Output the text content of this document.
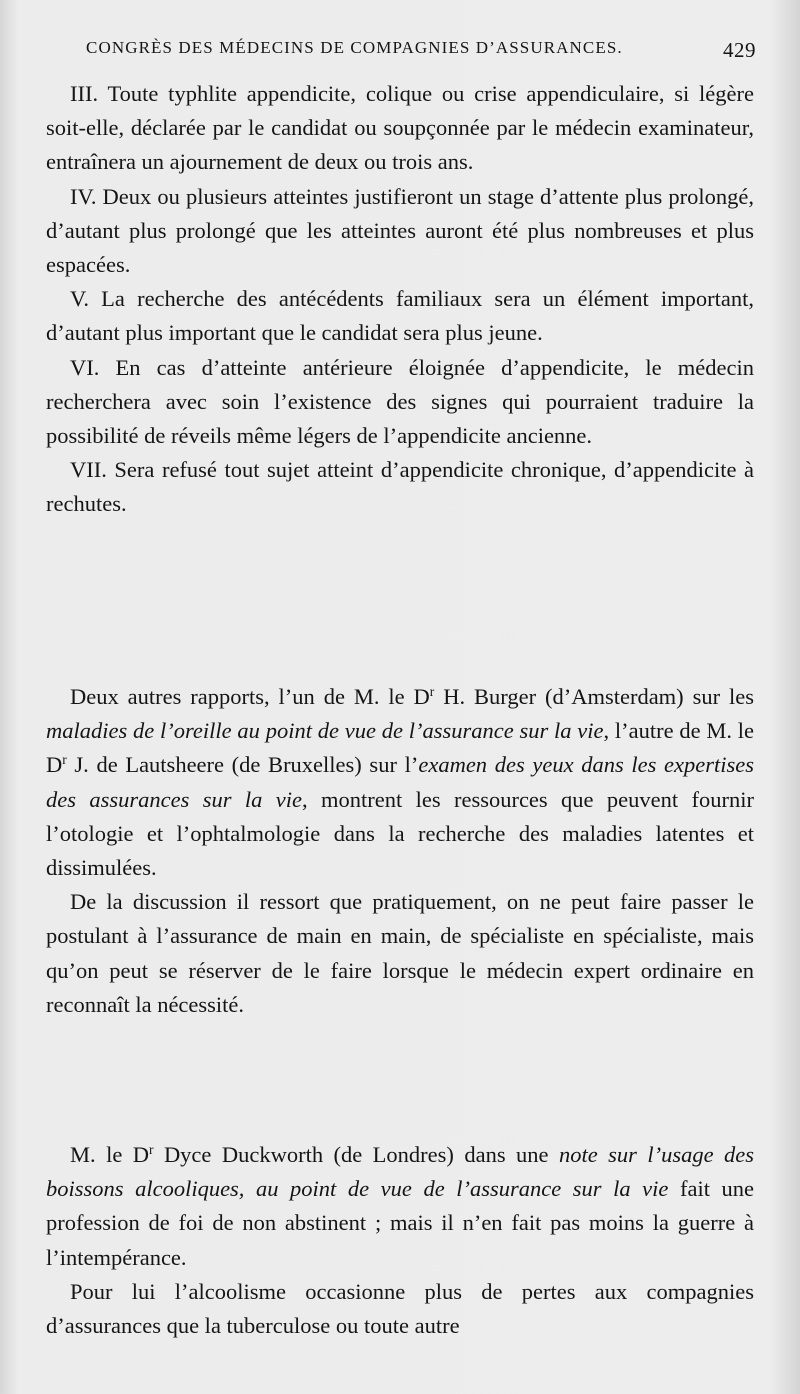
CONGRÈS DES MÉDECINS DE COMPAGNIES D’ASSURANCES.	429

III. Toute typhlite appendicite, colique ou crise appendiculaire, si légère soit-elle, déclarée par le candidat ou soupçonnée par le médecin examinateur, entraînera un ajournement de deux ou trois ans.

IV. Deux ou plusieurs atteintes justifieront un stage d’attente plus prolongé, d’autant plus prolongé que les atteintes auront été plus nombreuses et plus espacées.

V. La recherche des antécédents familiaux sera un élément important, d’autant plus important que le candidat sera plus jeune.

VI. En cas d’atteinte antérieure éloignée d’appendicite, le médecin recherchera avec soin l’existence des signes qui pourraient traduire la possibilité de réveils même légers de l’appendicite ancienne.

VII. Sera refusé tout sujet atteint d’appendicite chronique, d’appendicite à rechutes.

Deux autres rapports, l’un de M. le $D^r$ H. Burger (d’Amsterdam) sur les maladies de l’oreille au point de vue de l’assurance sur la vie, l’autre de M. le $D^r$ J. de Lautsheere (de Bruxelles) sur l’examen des yeux dans les expertises des assurances sur la vie, montrent les ressources que peuvent fournir l’otologie et l’ophtalmologie dans la recherche des maladies latentes et dissimulées.

De la discussion il ressort que pratiquement, on ne peut faire passer le postulant à l’assurance de main en main, de spécialiste en spécialiste, mais qu’on peut se réserver de le faire lorsque le médecin expert ordinaire en reconnaît la nécessité.

M. le $D^r$ Dyce Duckworth (de Londres) dans une note sur l’usage des boissons alcooliques, au point de vue de l’assurance sur la vie fait une profession de foi de non abstinent ; mais il n’en fait pas moins la guerre à l’intempérance.

Pour lui l’alcoolisme occasionne plus de pertes aux compagnies d’assurances que la tuberculose ou toute autre
